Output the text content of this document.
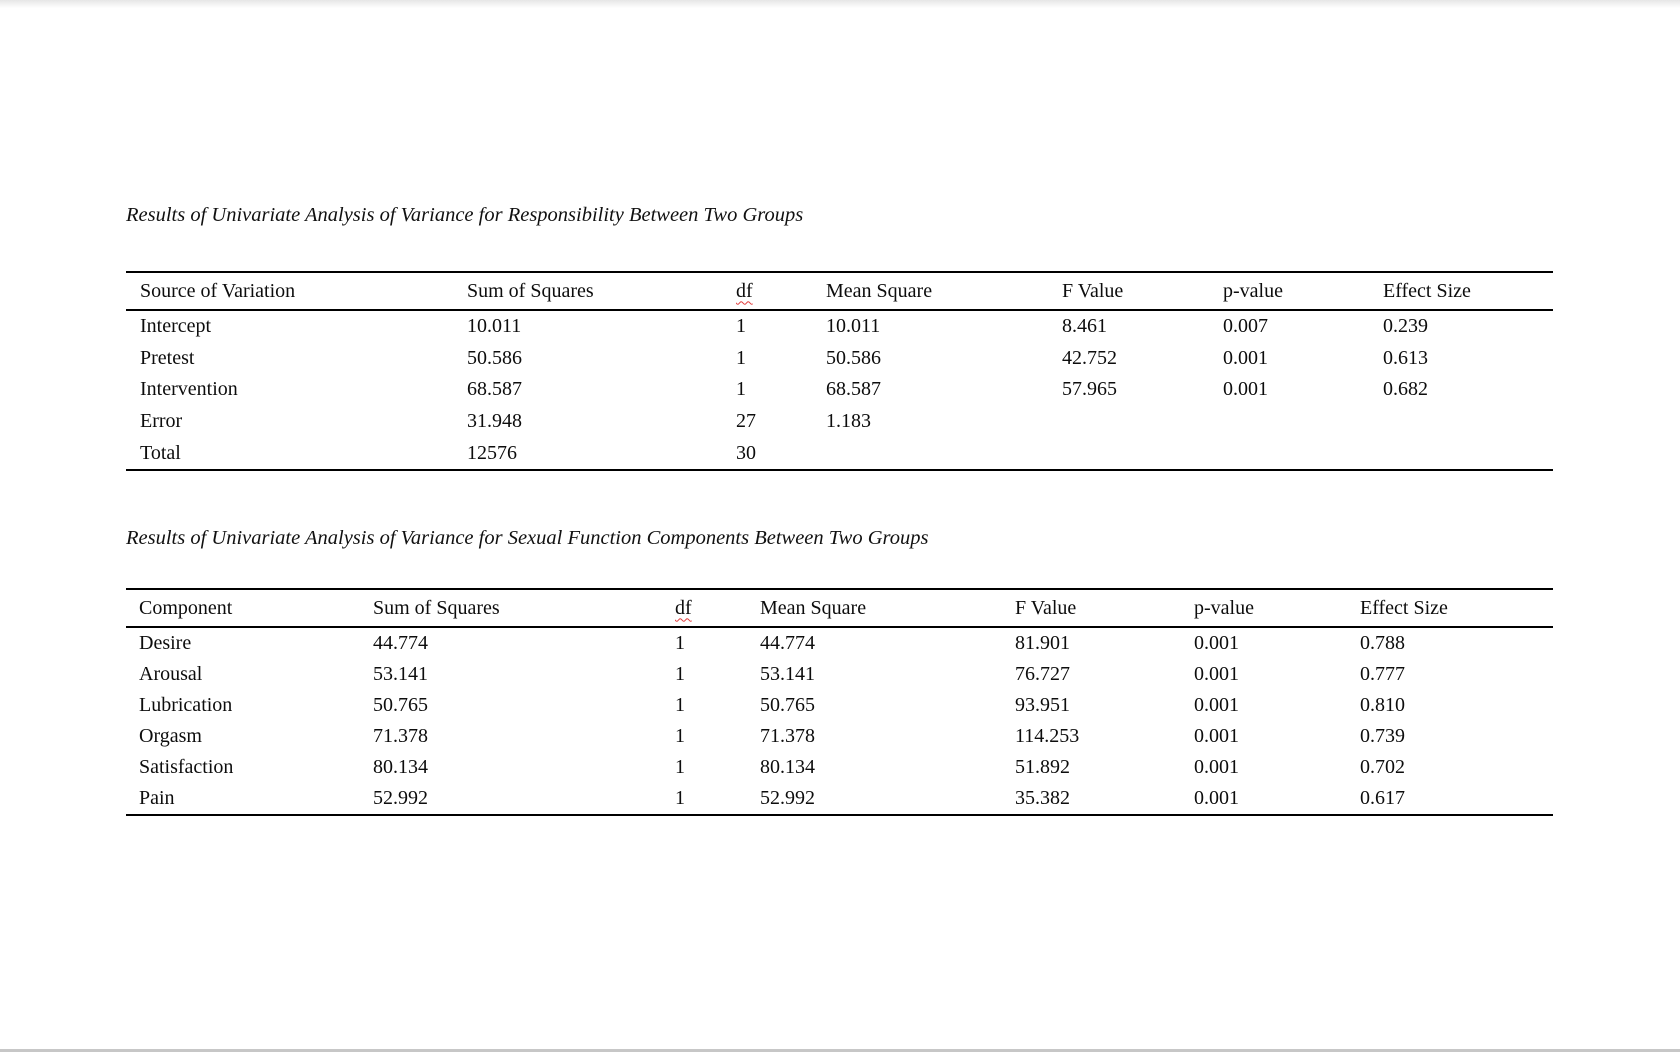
Results of Univariate Analysis of Variance for Responsibility Between Two Groups
Source of Variation	Sum of Squares	df	Mean Square	F Value	p-value	Effect Size
Intercept	10.011	1	10.011	8.461	0.007	0.239
Pretest	50.586	1	50.586	42.752	0.001	0.613
Intervention	68.587	1	68.587	57.965	0.001	0.682
Error	31.948	27	1.183
Total	12576	30
Results of Univariate Analysis of Variance for Sexual Function Components Between Two Groups
Component	Sum of Squares	df	Mean Square	F Value	p-value	Effect Size
Desire	44.774	1	44.774	81.901	0.001	0.788
Arousal	53.141	1	53.141	76.727	0.001	0.777
Lubrication	50.765	1	50.765	93.951	0.001	0.810
Orgasm	71.378	1	71.378	114.253	0.001	0.739
Satisfaction	80.134	1	80.134	51.892	0.001	0.702
Pain	52.992	1	52.992	35.382	0.001	0.617
